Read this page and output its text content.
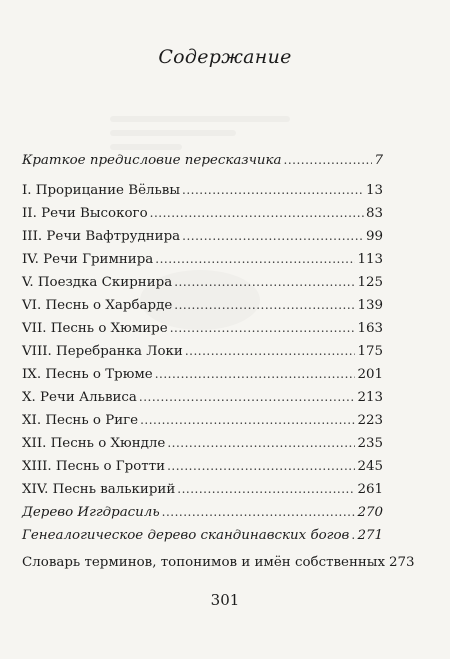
Содержание
Краткое предисловие пересказчика .....	7
I. Прорицание Вёльвы .....	13
II. Речи Высокого .....	83
III. Речи Вафтруднира .....	99
IV. Речи Гримнира .....	113
V. Поездка Скирнира .....	125
VI. Песнь о Харбарде .....	139
VII. Песнь о Хюмире .....	163
VIII. Перебранка Локи .....	175
IX. Песнь о Трюме .....	201
X. Речи Альвиса .....	213
XI. Песнь о Риге .....	223
XII. Песнь о Хюндле .....	235
XIII. Песнь о Гротти .....	245
XIV. Песнь валькирий .....	261
Дерево Иггдрасиль .....	270
Генеалогическое дерево скандинавских богов ..... 271
Словарь терминов, топонимов и имён собственных 273
301
